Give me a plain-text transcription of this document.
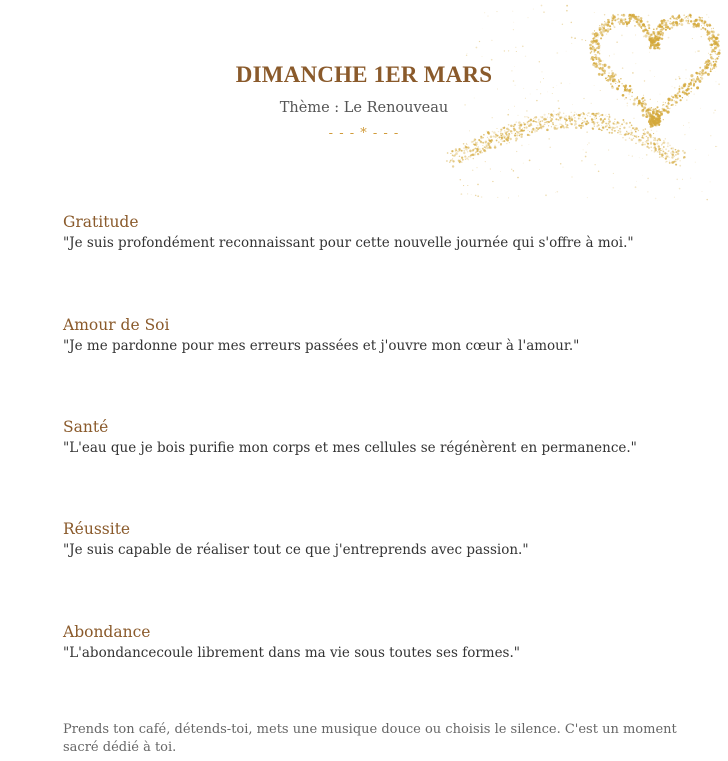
DIMANCHE 1ER MARS
Thème : Le Renouveau
- - - * - - -
Gratitude
"Je suis profondément reconnaissant pour cette nouvelle journée qui s'offre à moi."
Amour de Soi
"Je me pardonne pour mes erreurs passées et j'ouvre mon cœur à l'amour."
Santé
"L'eau que je bois purifie mon corps et mes cellules se régénèrent en permanence."
Réussite
"Je suis capable de réaliser tout ce que j'entreprends avec passion."
Abondance
"L'abondancecoule librement dans ma vie sous toutes ses formes."
Prends ton café, détends-toi, mets une musique douce ou choisis le silence. C'est un moment sacré dédié à toi.
